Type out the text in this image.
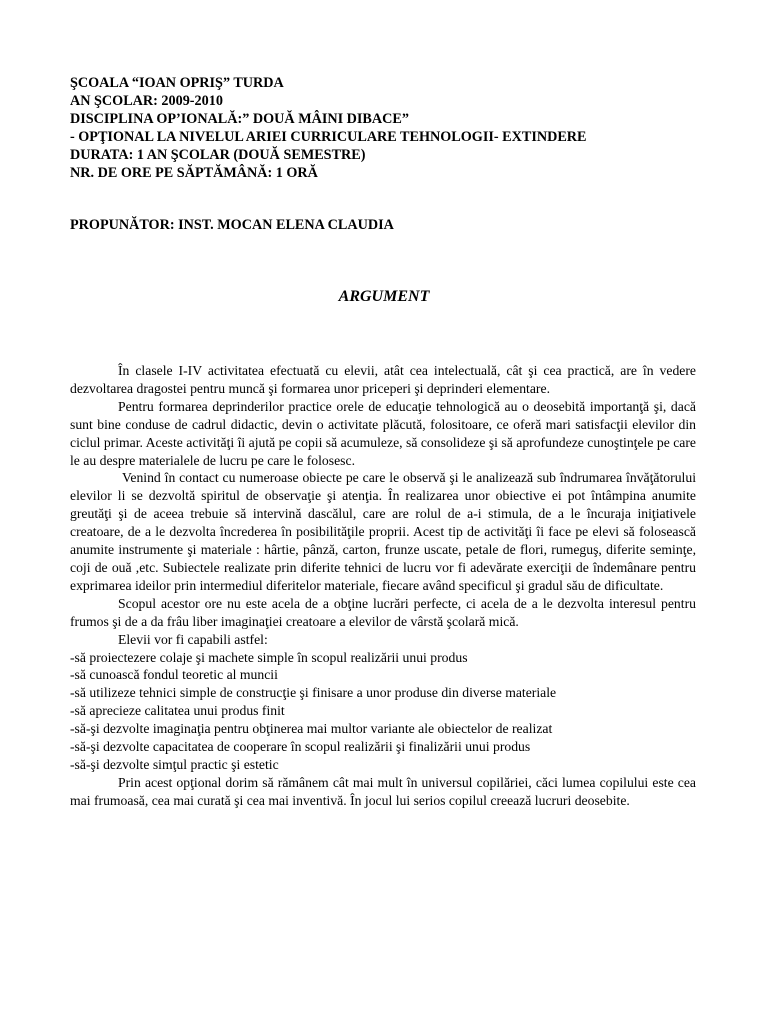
ŞCOALA “IOAN OPRIŞ” TURDA
AN ŞCOLAR: 2009-2010
DISCIPLINA OP’IONALĂ:” DOUĂ MÂINI DIBACE”
- OPŢIONAL LA NIVELUL ARIEI CURRICULARE TEHNOLOGII- EXTINDERE
DURATA: 1 AN ŞCOLAR (DOUĂ SEMESTRE)
NR. DE ORE PE SĂPTĂMÂNĂ: 1 ORĂ
PROPUNĂTOR: INST. MOCAN ELENA CLAUDIA
ARGUMENT

În clasele I-IV activitatea efectuată cu elevii, atât cea intelectuală, cât şi cea practică, are în vedere dezvoltarea dragostei pentru muncă şi formarea unor priceperi şi deprinderi elementare.

Pentru formarea deprinderilor practice orele de educaţie tehnologică au o deosebită importanţă şi, dacă sunt bine conduse de cadrul didactic, devin o activitate plăcută, folositoare, ce oferă mari satisfacţii elevilor din ciclul primar. Aceste activităţi îi ajută pe copii să acumuleze, să consolideze şi să aprofundeze cunoştinţele pe care le au despre materialele de lucru pe care le folosesc.

Venind în contact cu numeroase obiecte pe care le observă şi le analizează sub îndrumarea învăţătorului elevilor li se dezvoltă spiritul de observaţie şi atenţia. În realizarea unor obiective ei pot întâmpina anumite greutăţi şi de aceea trebuie să intervină dascălul, care are rolul de a-i stimula, de a le încuraja iniţiativele creatoare, de a le dezvolta încrederea în posibilităţile proprii. Acest tip de activităţi îi face pe elevi să folosească anumite instrumente şi materiale : hârtie, pânză, carton, frunze uscate, petale de flori, rumeguş, diferite seminţe, coji de ouă ,etc. Subiectele realizate prin diferite tehnici de lucru vor fi adevărate exerciţii de îndemânare pentru exprimarea ideilor prin intermediul diferitelor materiale, fiecare având specificul şi gradul său de dificultate.

Scopul acestor ore nu este acela de a obţine lucrări perfecte, ci acela de a le dezvolta interesul pentru frumos şi de a da frâu liber imaginaţiei creatoare a elevilor de vârstă şcolară mică.

Elevii vor fi capabili astfel:
-să proiectezere colaje şi machete simple în scopul realizării unui produs
-să cunoască fondul teoretic al muncii
-să utilizeze tehnici simple de construcţie şi finisare a unor produse din diverse materiale
-să aprecieze calitatea unui produs finit
-să-şi dezvolte imaginaţia pentru obţinerea mai multor variante ale obiectelor de realizat
-să-şi dezvolte capacitatea de cooperare în scopul realizării şi finalizării unui produs
-să-şi dezvolte simţul practic şi estetic

Prin acest opţional dorim să rămânem cât mai mult în universul copilăriei, căci lumea copilului este cea mai frumoasă, cea mai curată şi cea mai inventivă. În jocul lui serios copilul creează lucruri deosebite.
